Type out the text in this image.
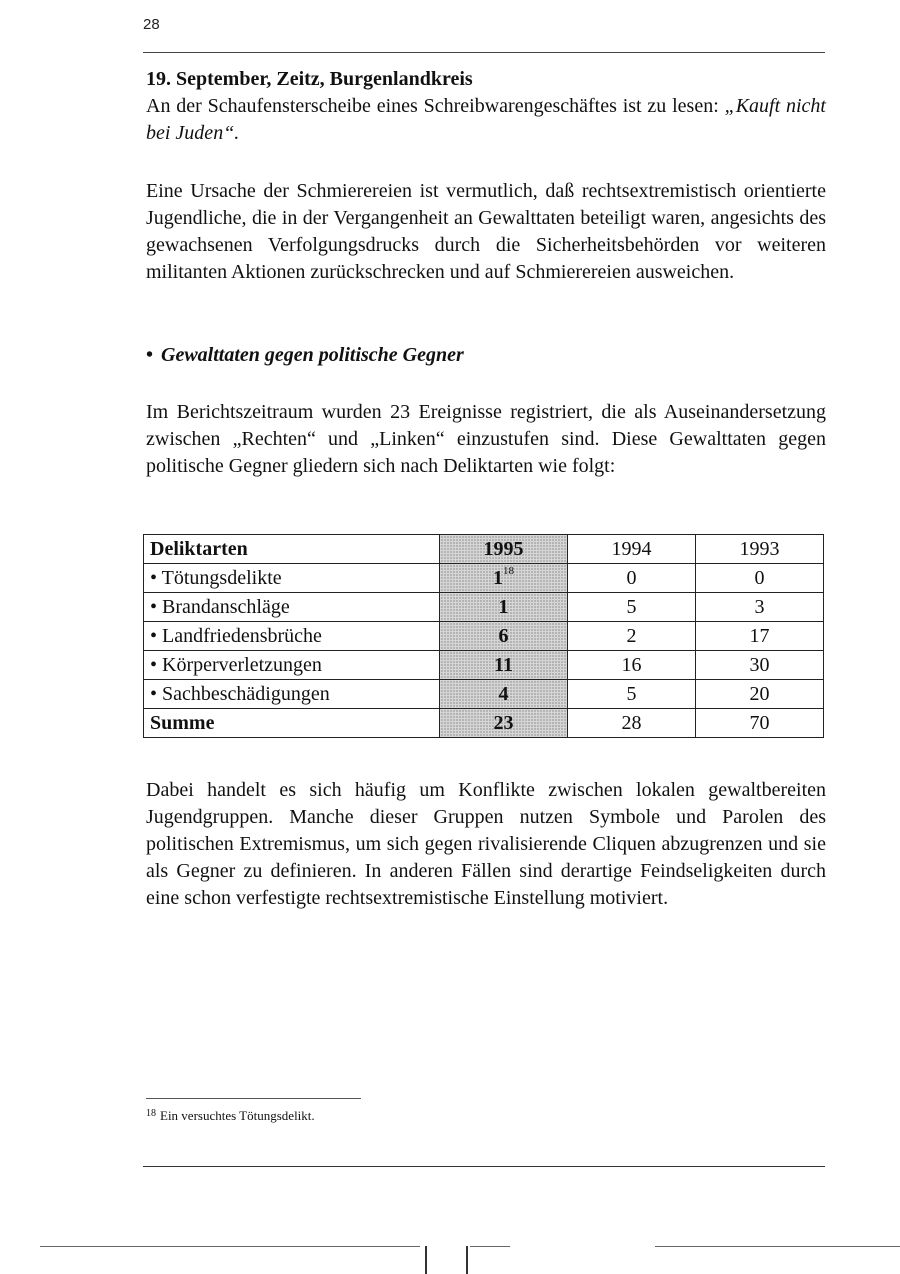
28
19. September, Zeitz, Burgenlandkreis
An der Schaufensterscheibe eines Schreibwarengeschäftes ist zu lesen: „Kauft nicht bei Juden“.
Eine Ursache der Schmierereien ist vermutlich, daß rechtsextremistisch orientierte Jugendliche, die in der Vergangenheit an Gewalttaten beteiligt waren, angesichts des gewachsenen Verfolgungsdrucks durch die Sicherheitsbehörden vor weiteren militanten Aktionen zurückschrecken und auf Schmierereien ausweichen.
• Gewalttaten gegen politische Gegner
Im Berichtszeitraum wurden 23 Ereignisse registriert, die als Auseinandersetzung zwischen „Rechten“ und „Linken“ einzustufen sind. Diese Gewalttaten gegen politische Gegner gliedern sich nach Deliktarten wie folgt:
Deliktarten	1995	1994	1993
• Tötungsdelikte	1$^{18}$	0	0
• Brandanschläge	1	5	3
• Landfriedensbrüche	6	2	17
• Körperverletzungen	11	16	30
• Sachbeschädigungen	4	5	20
Summe	23	28	70
Dabei handelt es sich häufig um Konflikte zwischen lokalen gewaltbereiten Jugendgruppen. Manche dieser Gruppen nutzen Symbole und Parolen des politischen Extremismus, um sich gegen rivalisierende Cliquen abzugrenzen und sie als Gegner zu definieren. In anderen Fällen sind derartige Feindseligkeiten durch eine schon verfestigte rechtsextremistische Einstellung motiviert.
$^{18}$ Ein versuchtes Tötungsdelikt.
